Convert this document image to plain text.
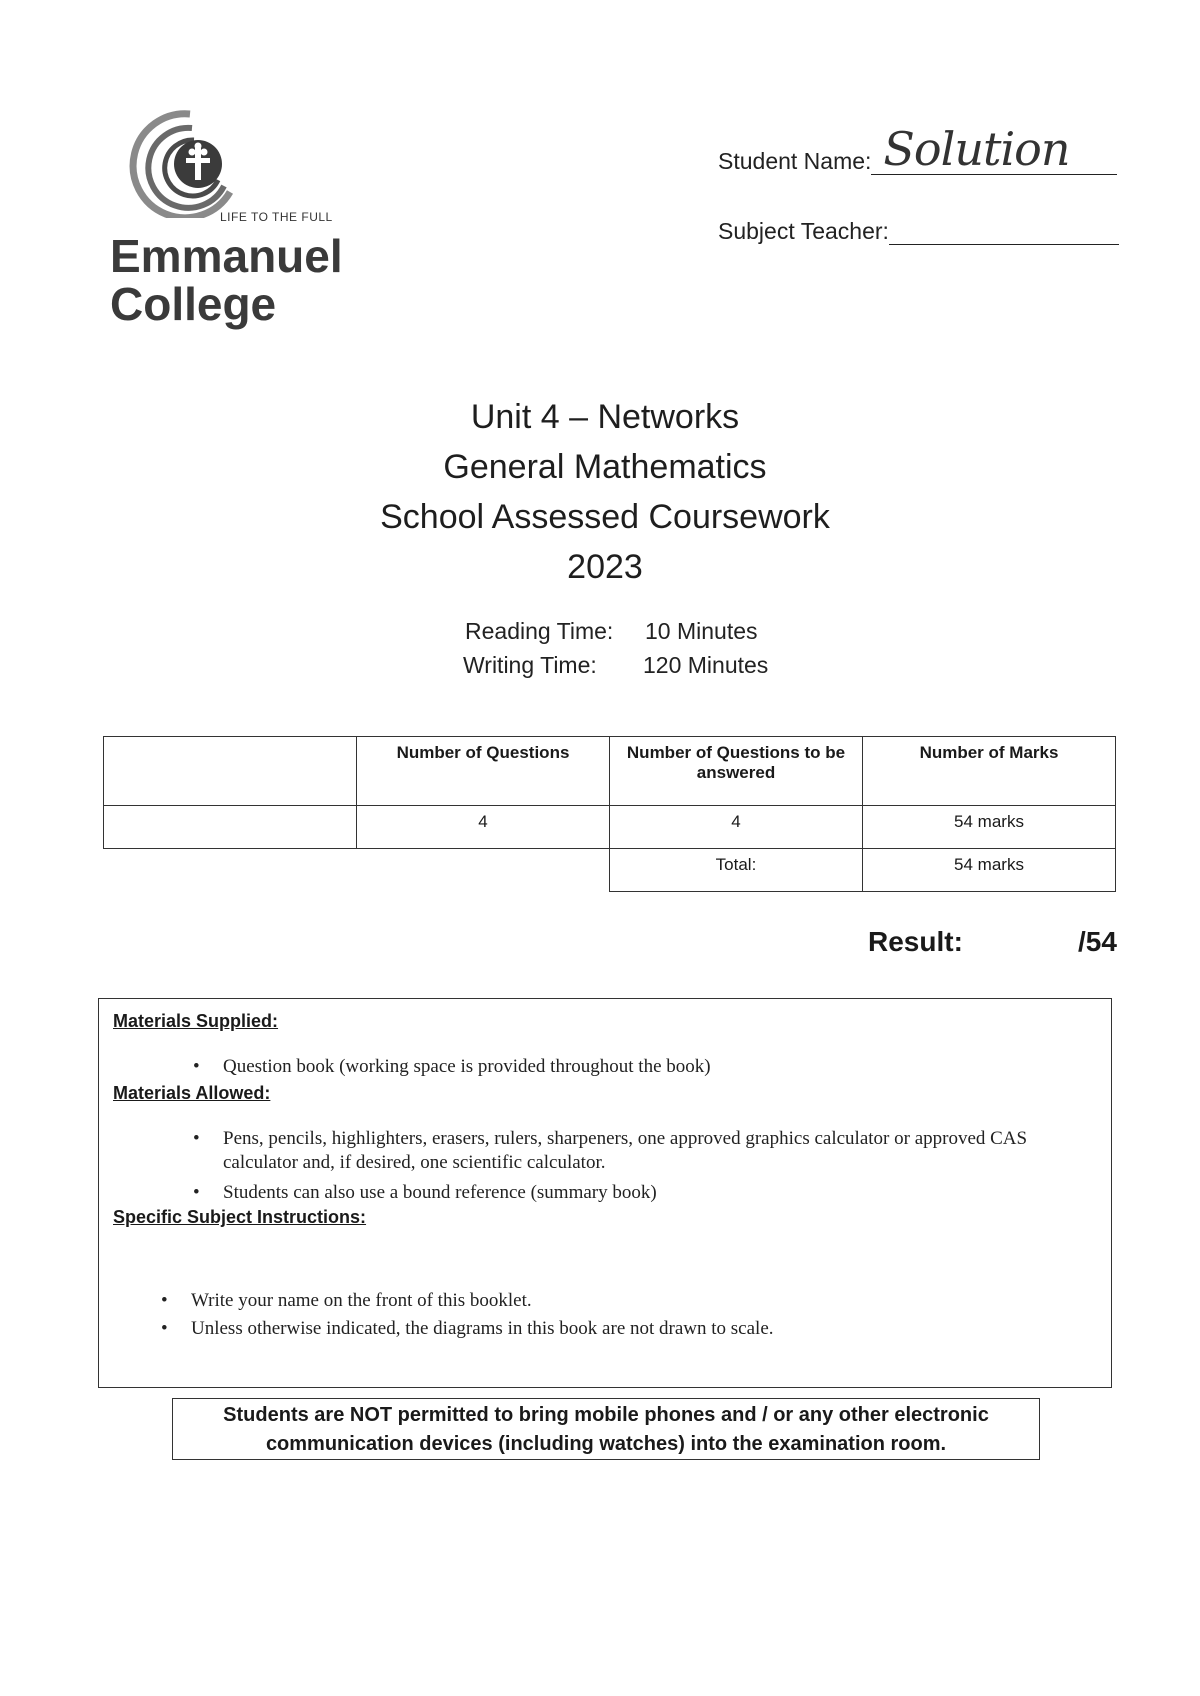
LIFE TO THE FULL
Emmanuel
College
Student Name: Solution
Subject Teacher:
Unit 4 – Networks
General Mathematics
School Assessed Coursework
2023
Reading Time: 10 Minutes
Writing Time: 120 Minutes
	Number of Questions	Number of Questions to be answered	Number of Marks
	4	4	54 marks
		Total:	54 marks
Result:	/54
Materials Supplied:
• Question book (working space is provided throughout the book)
Materials Allowed:
• Pens, pencils, highlighters, erasers, rulers, sharpeners, one approved graphics calculator or approved CAS calculator and, if desired, one scientific calculator.
• Students can also use a bound reference (summary book)
Specific Subject Instructions:
• Write your name on the front of this booklet.
• Unless otherwise indicated, the diagrams in this book are not drawn to scale.
Students are NOT permitted to bring mobile phones and / or any other electronic
communication devices (including watches) into the examination room.
